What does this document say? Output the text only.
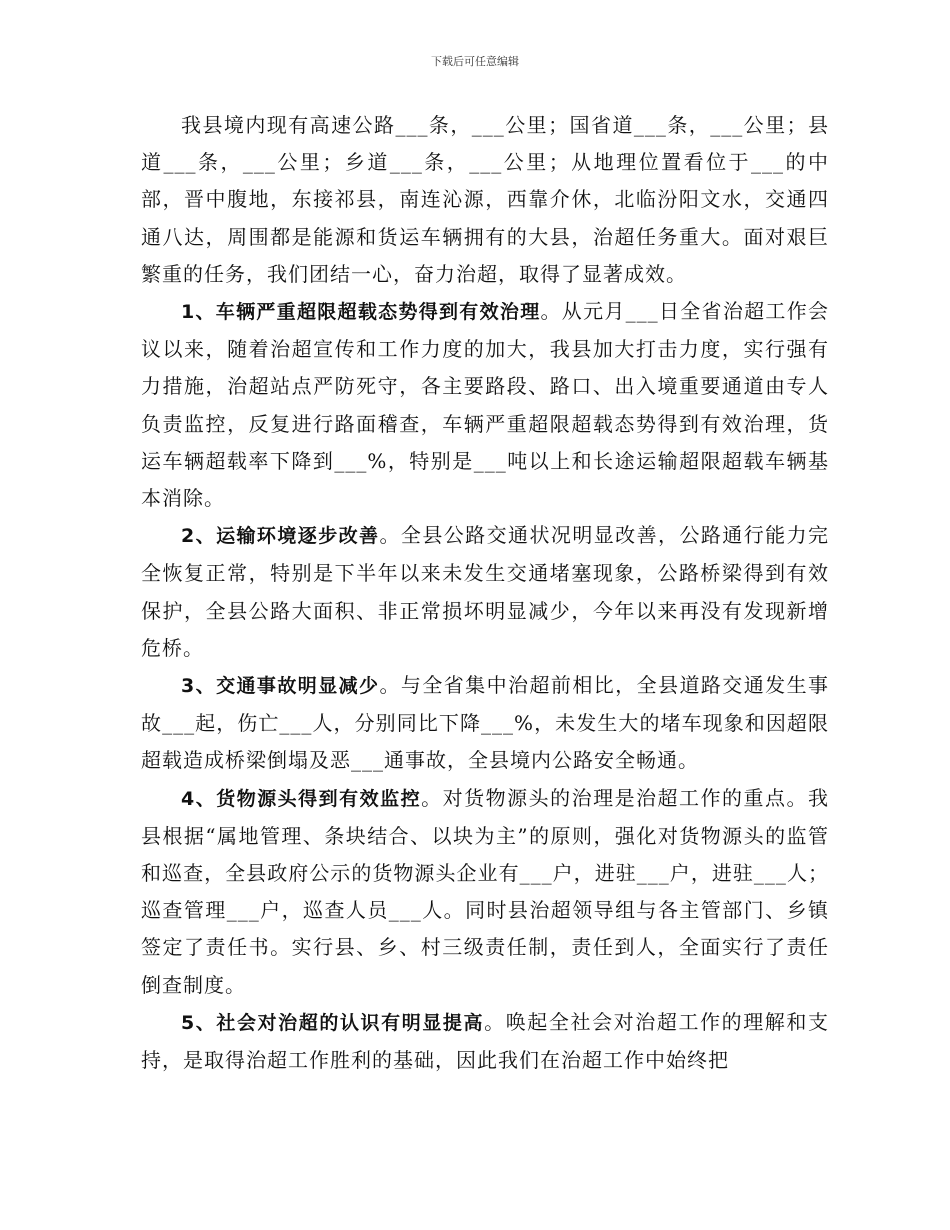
下载后可任意编辑

我县境内现有高速公路___条，___公里；国省道___条，___公里；县道___条，___公里；乡道___条，___公里；从地理位置看位于___的中部，晋中腹地，东接祁县，南连沁源，西靠介休，北临汾阳文水，交通四通八达，周围都是能源和货运车辆拥有的大县，治超任务重大。面对艰巨繁重的任务，我们团结一心，奋力治超，取得了显著成效。

1、车辆严重超限超载态势得到有效治理。从元月___日全省治超工作会议以来，随着治超宣传和工作力度的加大，我县加大打击力度，实行强有力措施，治超站点严防死守，各主要路段、路口、出入境重要通道由专人负责监控，反复进行路面稽查，车辆严重超限超载态势得到有效治理，货运车辆超载率下降到___%，特别是___吨以上和长途运输超限超载车辆基本消除。

2、运输环境逐步改善。全县公路交通状况明显改善，公路通行能力完全恢复正常，特别是下半年以来未发生交通堵塞现象，公路桥梁得到有效保护，全县公路大面积、非正常损坏明显减少，今年以来再没有发现新增危桥。

3、交通事故明显减少。与全省集中治超前相比，全县道路交通发生事故___起，伤亡___人，分别同比下降___%，未发生大的堵车现象和因超限超载造成桥梁倒塌及恶___通事故，全县境内公路安全畅通。

4、货物源头得到有效监控。对货物源头的治理是治超工作的重点。我县根据“属地管理、条块结合、以块为主”的原则，强化对货物源头的监管和巡查，全县政府公示的货物源头企业有___户，进驻___户，进驻___人；巡查管理___户，巡查人员___人。同时县治超领导组与各主管部门、乡镇签定了责任书。实行县、乡、村三级责任制，责任到人，全面实行了责任倒查制度。

5、社会对治超的认识有明显提高。唤起全社会对治超工作的理解和支持，是取得治超工作胜利的基础，因此我们在治超工作中始终把
